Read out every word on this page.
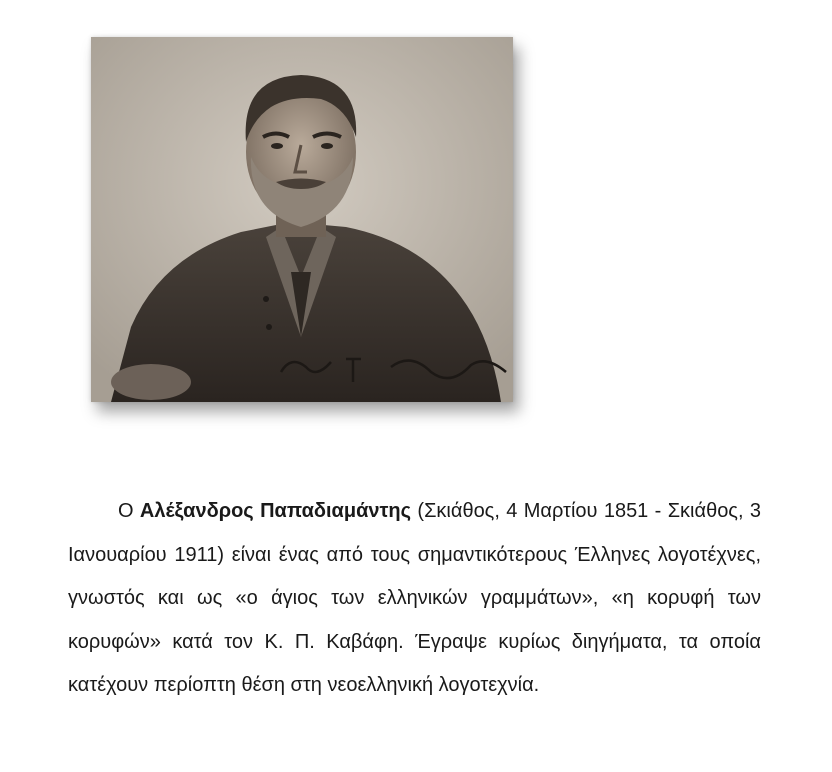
Ο Αλέξανδρος Παπαδιαμάντης (Σκιάθος, 4 Μαρτίου 1851 - Σκιάθος, 3 Ιανουαρίου 1911) είναι ένας από τους σημαντικότερους Έλληνες λογοτέχνες, γνωστός και ως «ο άγιος των ελληνικών γραμμάτων», «η κορυφή των κορυφών» κατά τον Κ. Π. Καβάφη. Έγραψε κυρίως διηγήματα, τα οποία κατέχουν περίοπτη θέση στη νεοελληνική λογοτεχνία.
